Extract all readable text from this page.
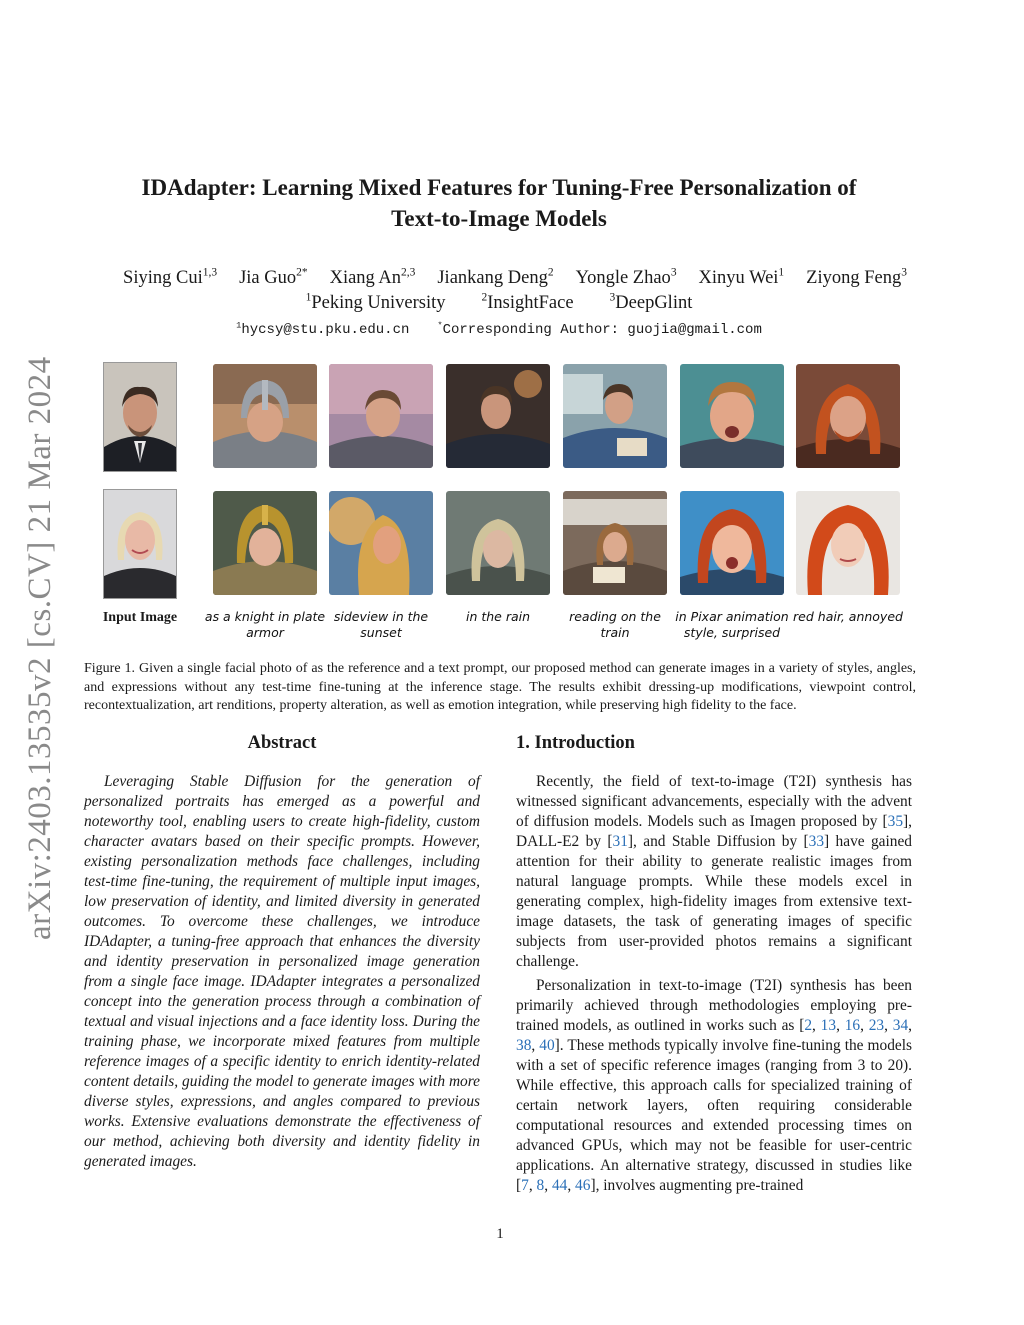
arXiv:2403.13535v2 [cs.CV] 21 Mar 2024
IDAdapter: Learning Mixed Features for Tuning-Free Personalization of
Text-to-Image Models
Siying Cui$^{1,3}$ Jia Guo$^{2*}$ Xiang An$^{2,3}$ Jiankang Deng$^2$ Yongle Zhao$^3$ Xinyu Wei$^1$ Ziyong Feng$^3$
$^1$Peking University	$^2$InsightFace	$^3$DeepGlint
$^1$hycsy@stu.pku.edu.cn	*Corresponding Author: guojia@gmail.com
Input Image	as a knight in plate armor
sideview in the sunset
in the rain	reading on the train
in Pixar animation style, surprised
red hair, annoyed
Figure 1. Given a single facial photo of as the reference and a text prompt, our proposed method can generate images in a variety of styles, angles, and expressions without any test-time fine-tuning at the inference stage. The results exhibit dressing-up modifications, viewpoint control, recontextualization, art renditions, property alteration, as well as emotion integration, while preserving high fidelity to the face.
Abstract

Leveraging Stable Diffusion for the generation of personalized portraits has emerged as a powerful and noteworthy tool, enabling users to create high-fidelity, custom character avatars based on their specific prompts. However, existing personalization methods face challenges, including test-time fine-tuning, the requirement of multiple input images, low preservation of identity, and limited diversity in generated outcomes. To overcome these challenges, we introduce IDAdapter, a tuning-free approach that enhances the diversity and identity preservation in personalized image generation from a single face image. IDAdapter integrates a personalized concept into the generation process through a combination of textual and visual injections and a face identity loss. During the training phase, we incorporate mixed features from multiple reference images of a specific identity to enrich identity-related content details, guiding the model to generate images with more diverse styles, expressions, and angles compared to previous works. Extensive evaluations demonstrate the effectiveness of our method, achieving both diversity and identity fidelity in generated images.

1. Introduction

Recently, the field of text-to-image (T2I) synthesis has witnessed significant advancements, especially with the advent of diffusion models. Models such as Imagen proposed by [35], DALL-E2 by [31], and Stable Diffusion by [33] have gained attention for their ability to generate realistic images from natural language prompts. While these models excel in generating complex, high-fidelity images from extensive text-image datasets, the task of generating images of specific subjects from user-provided photos remains a significant challenge.

Personalization in text-to-image (T2I) synthesis has been primarily achieved through methodologies employing pre-trained models, as outlined in works such as [2, 13, 16, 23, 34, 38, 40]. These methods typically involve fine-tuning the models with a set of specific reference images (ranging from 3 to 20). While effective, this approach calls for specialized training of certain network layers, often requiring considerable computational resources and extended processing times on advanced GPUs, which may not be feasible for user-centric applications. An alternative strategy, discussed in studies like [7, 8, 44, 46], involves augmenting pre-trained

1
